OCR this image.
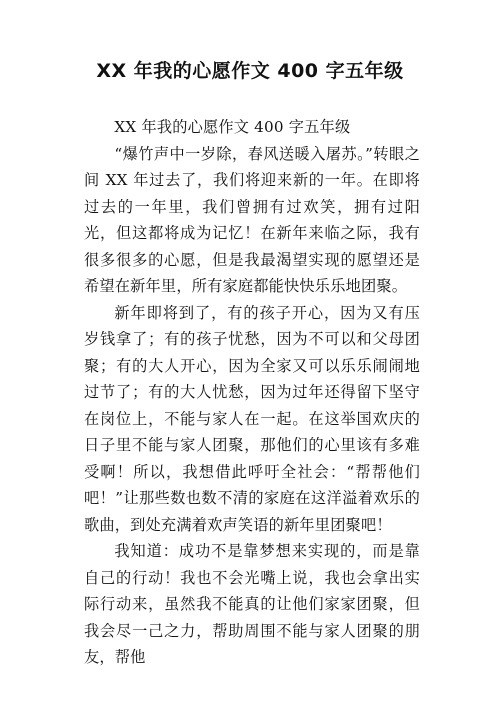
XX 年我的心愿作文 400 字五年级

XX 年我的心愿作文 400 字五年级

“爆竹声中一岁除，春风送暖入屠苏。”转眼之间 XX 年过去了，我们将迎来新的一年。在即将过去的一年里，我们曾拥有过欢笑，拥有过阳光，但这都将成为记忆！在新年来临之际，我有很多很多的心愿，但是我最渴望实现的愿望还是希望在新年里，所有家庭都能快快乐乐地团聚。

新年即将到了，有的孩子开心，因为又有压岁钱拿了；有的孩子忧愁，因为不可以和父母团聚；有的大人开心，因为全家又可以乐乐闹闹地过节了；有的大人忧愁，因为过年还得留下坚守在岗位上，不能与家人在一起。在这举国欢庆的日子里不能与家人团聚，那他们的心里该有多难受啊！所以，我想借此呼吁全社会：“帮帮他们吧！”让那些数也数不清的家庭在这洋溢着欢乐的歌曲，到处充满着欢声笑语的新年里团聚吧！

我知道：成功不是靠梦想来实现的，而是靠自己的行动！我也不会光嘴上说，我也会拿出实际行动来，虽然我不能真的让他们家家团聚，但我会尽一己之力，帮助周围不能与家人团聚的朋友，帮他
